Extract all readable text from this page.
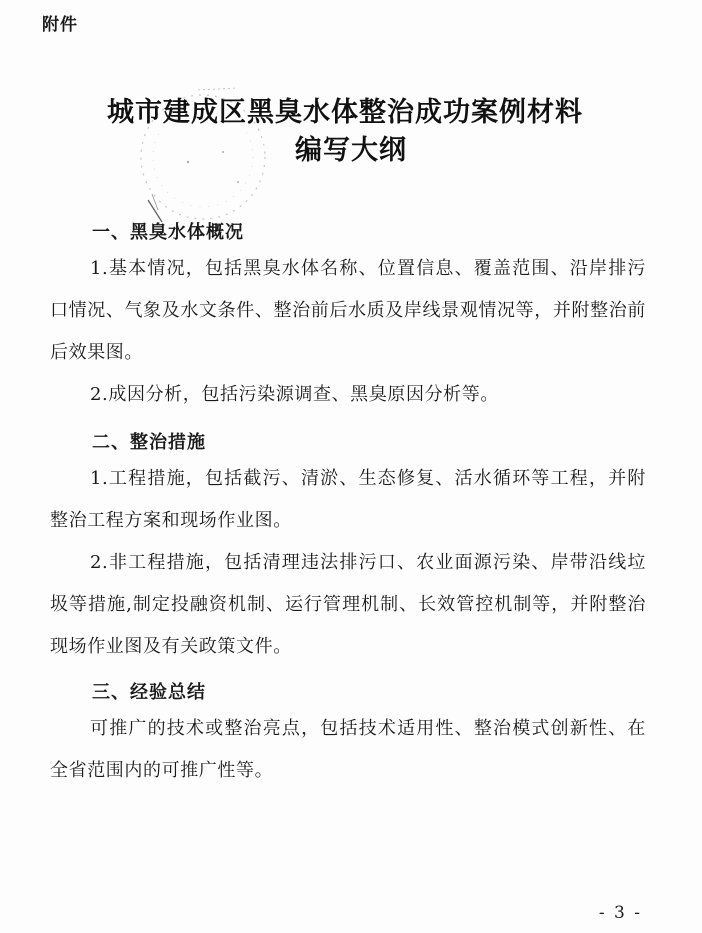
附件
城市建成区黑臭水体整治成功案例材料
编写大纲
一、黑臭水体概况

1.基本情况，包括黑臭水体名称、位置信息、覆盖范围、沿岸排污口情况、气象及水文条件、整治前后水质及岸线景观情况等，并附整治前后效果图。

2.成因分析，包括污染源调查、黑臭原因分析等。

二、整治措施

1.工程措施，包括截污、清淤、生态修复、活水循环等工程，并附整治工程方案和现场作业图。

2.非工程措施，包括清理违法排污口、农业面源污染、岸带沿线垃圾等措施,制定投融资机制、运行管理机制、长效管控机制等，并附整治现场作业图及有关政策文件。

三、经验总结

可推广的技术或整治亮点，包括技术适用性、整治模式创新性、在全省范围内的可推广性等。

- 3 -
